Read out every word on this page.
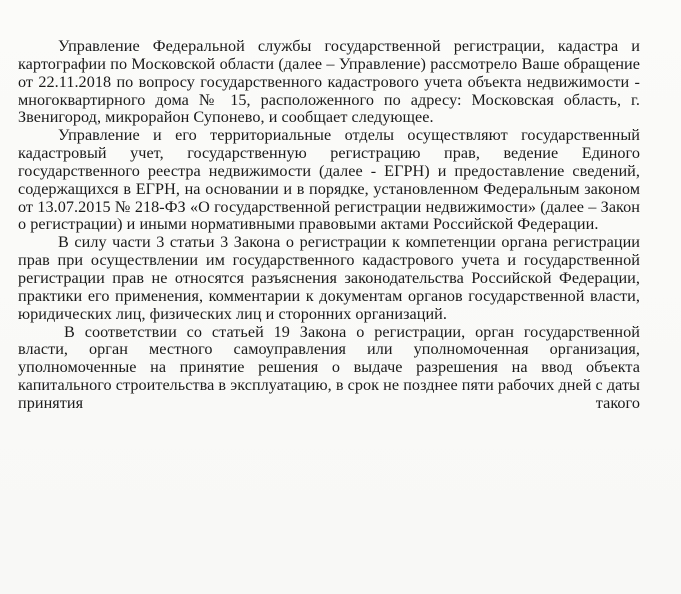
Управление Федеральной службы государственной регистрации, кадастра и картографии по Московской области (далее – Управление) рассмотрело Ваше обращение от 22.11.2018 по вопросу государственного кадастрового учета объекта недвижимости - многоквартирного дома № 15, расположенного по адресу: Московская область, г. Звенигород, микрорайон Супонево, и сообщает следующее.

Управление и его территориальные отделы осуществляют государственный кадастровый учет, государственную регистрацию прав, ведение Единого государственного реестра недвижимости (далее - ЕГРН) и предоставление сведений, содержащихся в ЕГРН, на основании и в порядке, установленном Федеральным законом от 13.07.2015 № 218-ФЗ «О государственной регистрации недвижимости» (далее – Закон о регистрации) и иными нормативными правовыми актами Российской Федерации.

В силу части 3 статьи 3 Закона о регистрации к компетенции органа регистрации прав при осуществлении им государственного кадастрового учета и государственной регистрации прав не относятся разъяснения законодательства Российской Федерации, практики его применения, комментарии к документам органов государственной власти, юридических лиц, физических лиц и сторонних организаций.

В соответствии со статьей 19 Закона о регистрации, орган государственной власти, орган местного самоуправления или уполномоченная организация, уполномоченные на принятие решения о выдаче разрешения на ввод объекта капитального строительства в эксплуатацию, в срок не позднее пяти рабочих дней с даты принятия такого
